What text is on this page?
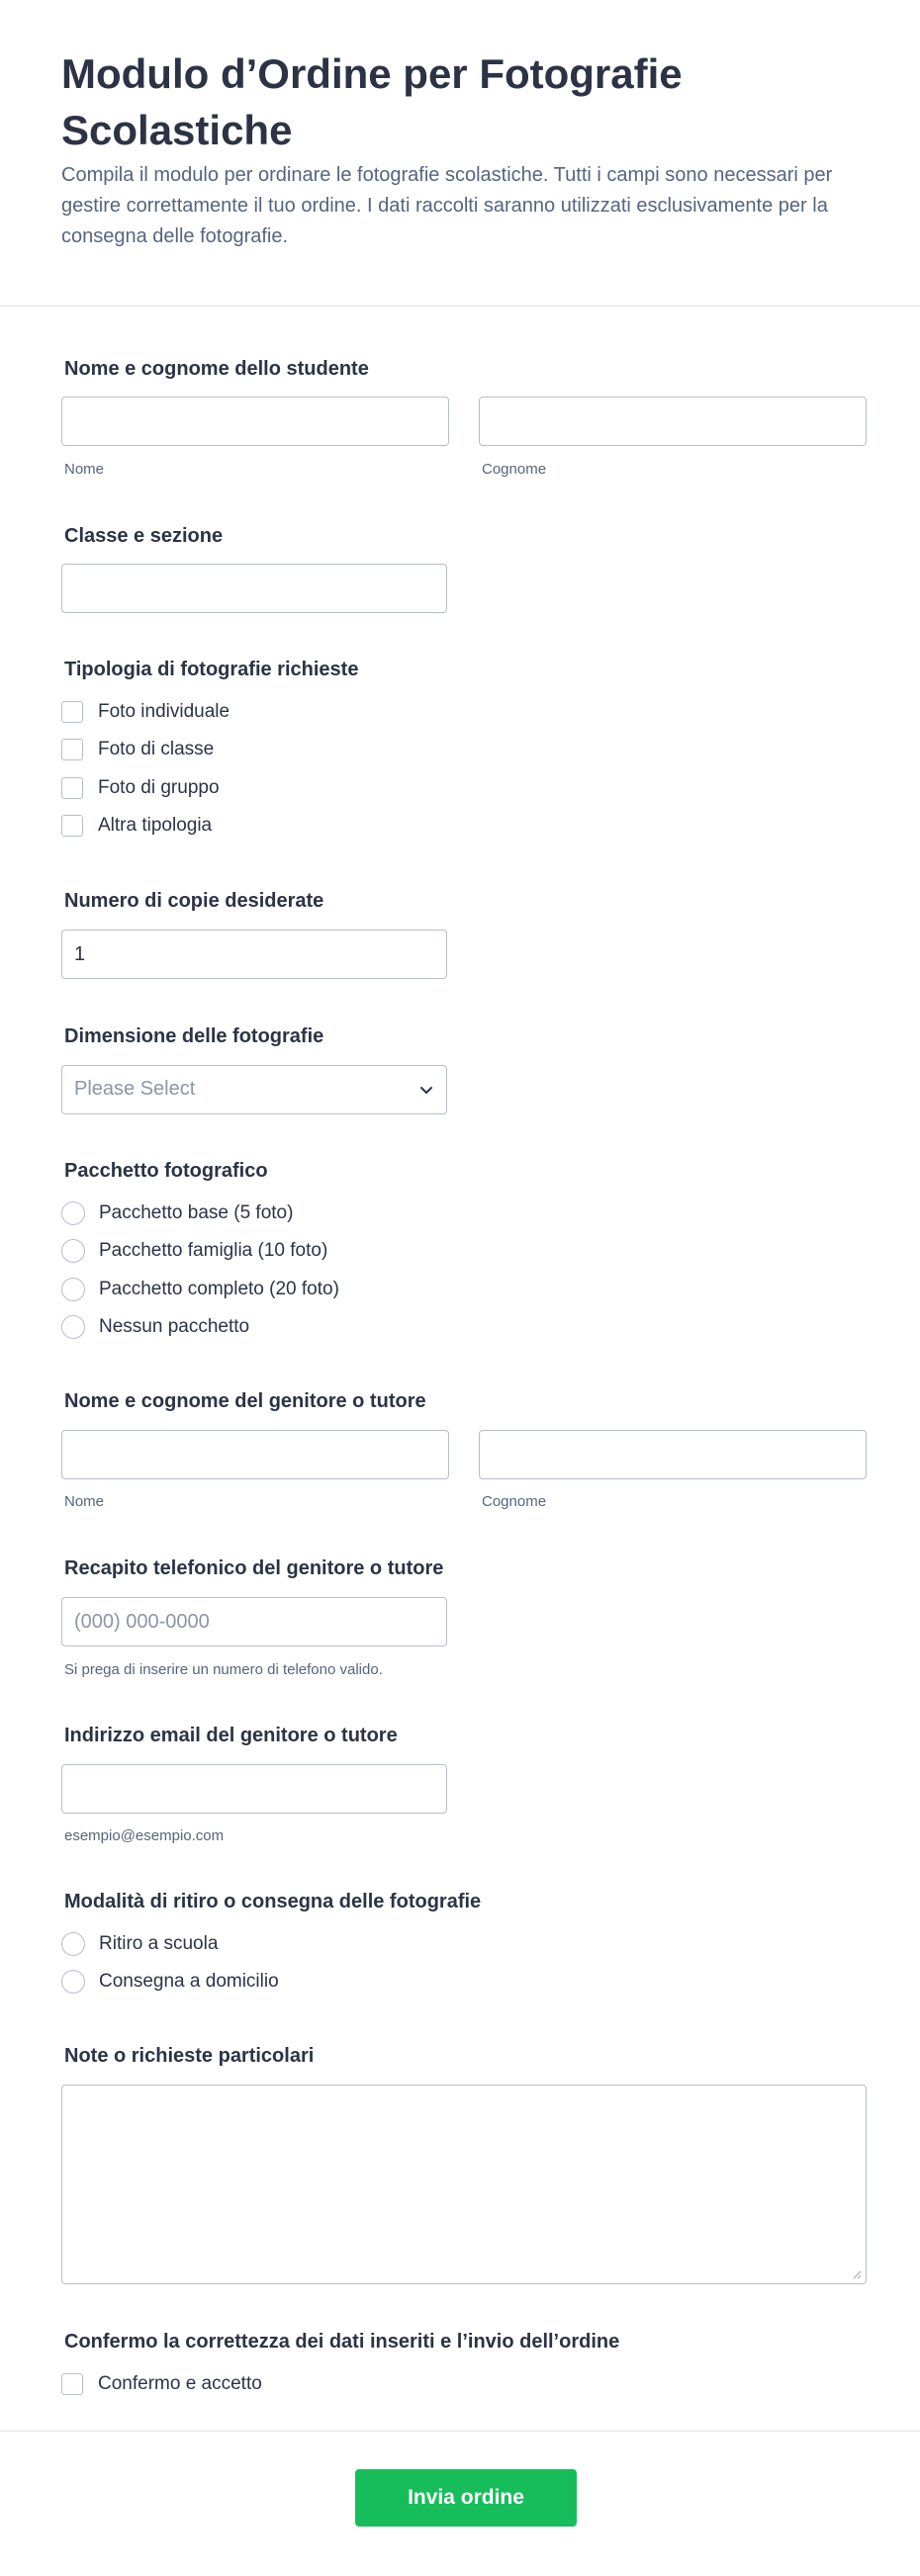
Modulo d’Ordine per Fotografie Scolastiche

Compila il modulo per ordinare le fotografie scolastiche. Tutti i campi sono necessari per gestire correttamente il tuo ordine. I dati raccolti saranno utilizzati esclusivamente per la consegna delle fotografie.

Nome e cognome dello studente
Nome	Cognome
Classe e sezione
Tipologia di fotografie richieste
Foto individuale
Foto di classe
Foto di gruppo
Altra tipologia
Numero di copie desiderate
1
Dimensione delle fotografie
Please Select
Pacchetto fotografico
Pacchetto base (5 foto)
Pacchetto famiglia (10 foto)
Pacchetto completo (20 foto)
Nessun pacchetto
Nome e cognome del genitore o tutore
Nome	Cognome
Recapito telefonico del genitore o tutore
(000) 000-0000
Si prega di inserire un numero di telefono valido.
Indirizzo email del genitore o tutore
esempio@esempio.com
Modalità di ritiro o consegna delle fotografie
Ritiro a scuola
Consegna a domicilio
Note o richieste particolari
Confermo la correttezza dei dati inseriti e l’invio dell’ordine
Confermo e accetto
Invia ordine
